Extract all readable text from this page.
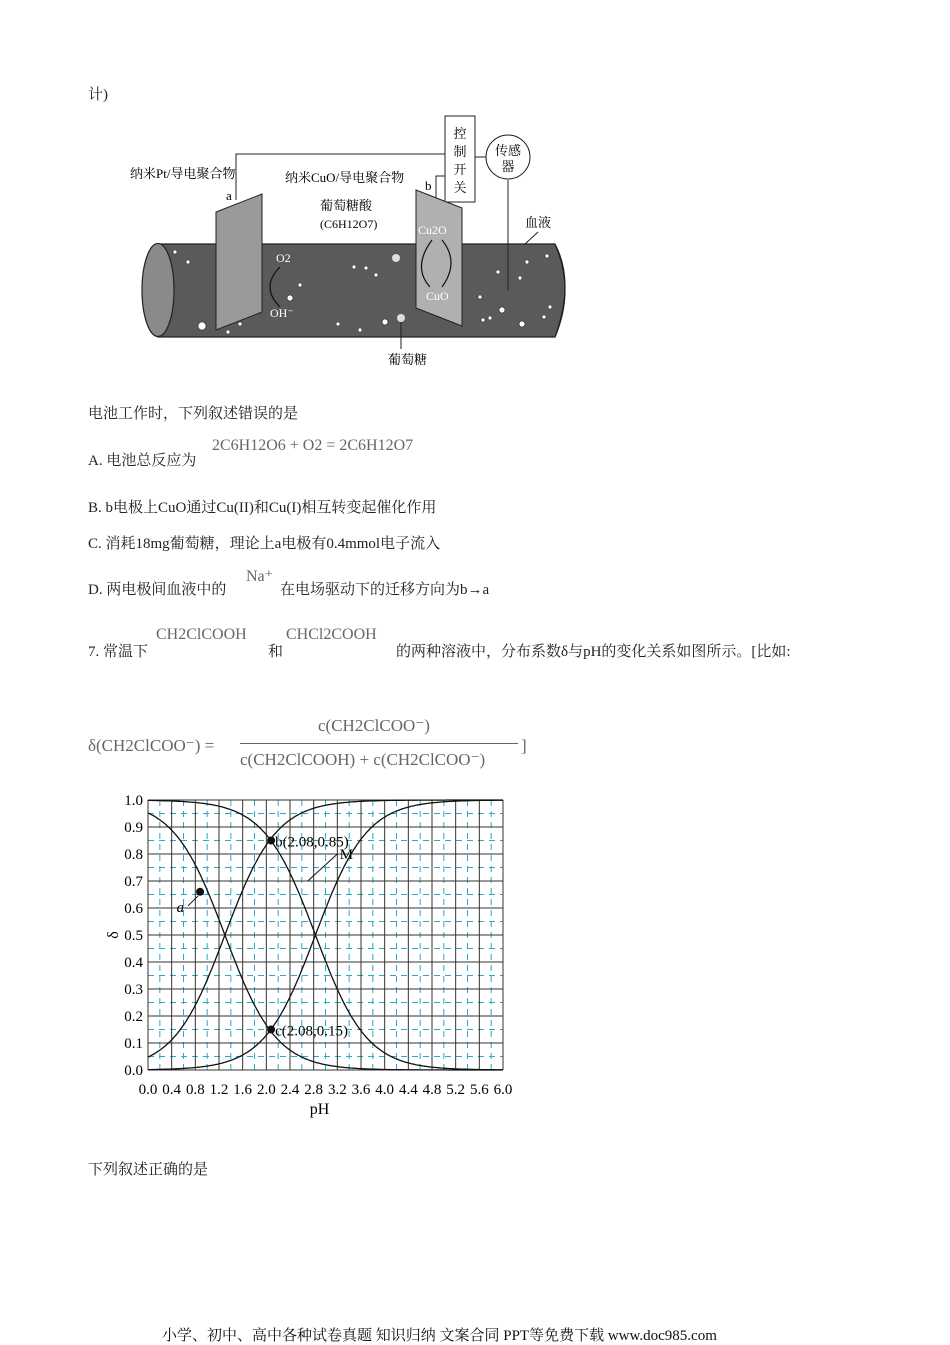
计)
控
制
开
关
传感
器
纳米Pt/导电聚合物
a
纳米CuO/导电聚合物
b
葡萄糖酸
(C6H12O7)	血液
O2
OH⁻
Cu2O
CuO
葡萄糖
电池工作时，下列叙述错误的是
A. 电池总反应为
2C6H12O6 + O2 = 2C6H12O7
B. b电极上CuO通过Cu(II)和Cu(I)相互转变起催化作用
C. 消耗18mg葡萄糖，理论上a电极有0.4mmol电子流入
D. 两电极间血液中的
Na⁺
在电场驱动下的迁移方向为b→a
7. 常温下
CH2ClCOOH
和
CHCl2COOH
的两种溶液中，分布系数δ与pH的变化关系如图所示。[比如:
δ(CH2ClCOO⁻) =
c(CH2ClCOO⁻)
c(CH2ClCOOH) + c(CH2ClCOO⁻)
]
M
0.0 0.4 0.8 1.2 1.6 2.0 2.4 2.8 3.2 3.6 4.0 4.4 4.8 5.2 5.6 6.0
0.0
0.1
0.2
0.3
0.4
0.5
0.6
0.7
0.8
0.9
1.0
pH
δ
a
b(2.08,0.85)
c(2.08,0.15)
下列叙述正确的是
小学、初中、高中各种试卷真题 知识归纳 文案合同 PPT等免费下载 www.doc985.com
